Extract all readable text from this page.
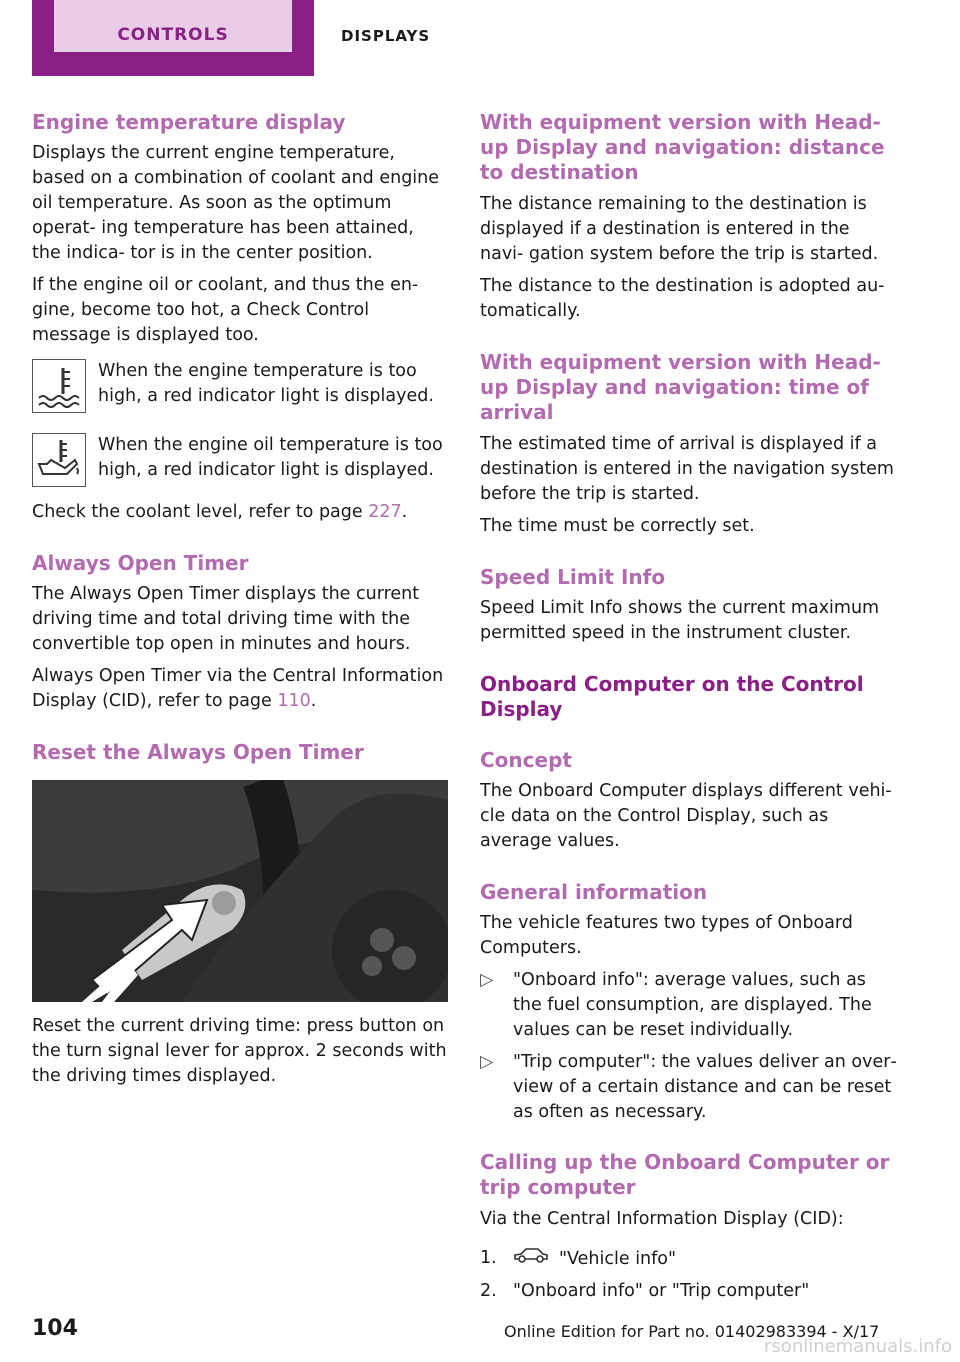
CONTROLS	DISPLAYS
Engine temperature display

Displays the current engine temperature, based on a combination of coolant and engine oil temperature. As soon as the optimum operat‐ ing temperature has been attained, the indica‐ tor is in the center position.

If the engine oil or coolant, and thus the en‐ gine, become too hot, a Check Control message is displayed too.

When the engine temperature is too high, a red indicator light is displayed.

When the engine oil temperature is too high, a red indicator light is displayed.

Check the coolant level, refer to page 227.

Always Open Timer

The Always Open Timer displays the current driving time and total driving time with the convertible top open in minutes and hours.

Always Open Timer via the Central Information Display (CID), refer to page 110.

Reset the Always Open Timer

Reset the current driving time: press button on the turn signal lever for approx. 2 seconds with the driving times displayed.

With equipment version with Head-up Display and navigation: distance to destination

The distance remaining to the destination is displayed if a destination is entered in the navi‐ gation system before the trip is started.

The distance to the destination is adopted au‐ tomatically.

With equipment version with Head-up Display and navigation: time of arrival

The estimated time of arrival is displayed if a destination is entered in the navigation system before the trip is started.

The time must be correctly set.

Speed Limit Info

Speed Limit Info shows the current maximum permitted speed in the instrument cluster.

Onboard Computer on the Control Display
Concept

The Onboard Computer displays different vehi‐ cle data on the Control Display, such as average values.

General information

The vehicle features two types of Onboard Computers.

▷ "Onboard info": average values, such as the fuel consumption, are displayed. The values can be reset individually.
▷ "Trip computer": the values deliver an over‐ view of a certain distance and can be reset as often as necessary.
Calling up the Onboard Computer or trip computer

Via the Central Information Display (CID):

1.	"Vehicle info"
2. "Onboard info" or "Trip computer"
104	Online Edition for Part no. 01402983394 - X/17
rsonlinemanuals.info
